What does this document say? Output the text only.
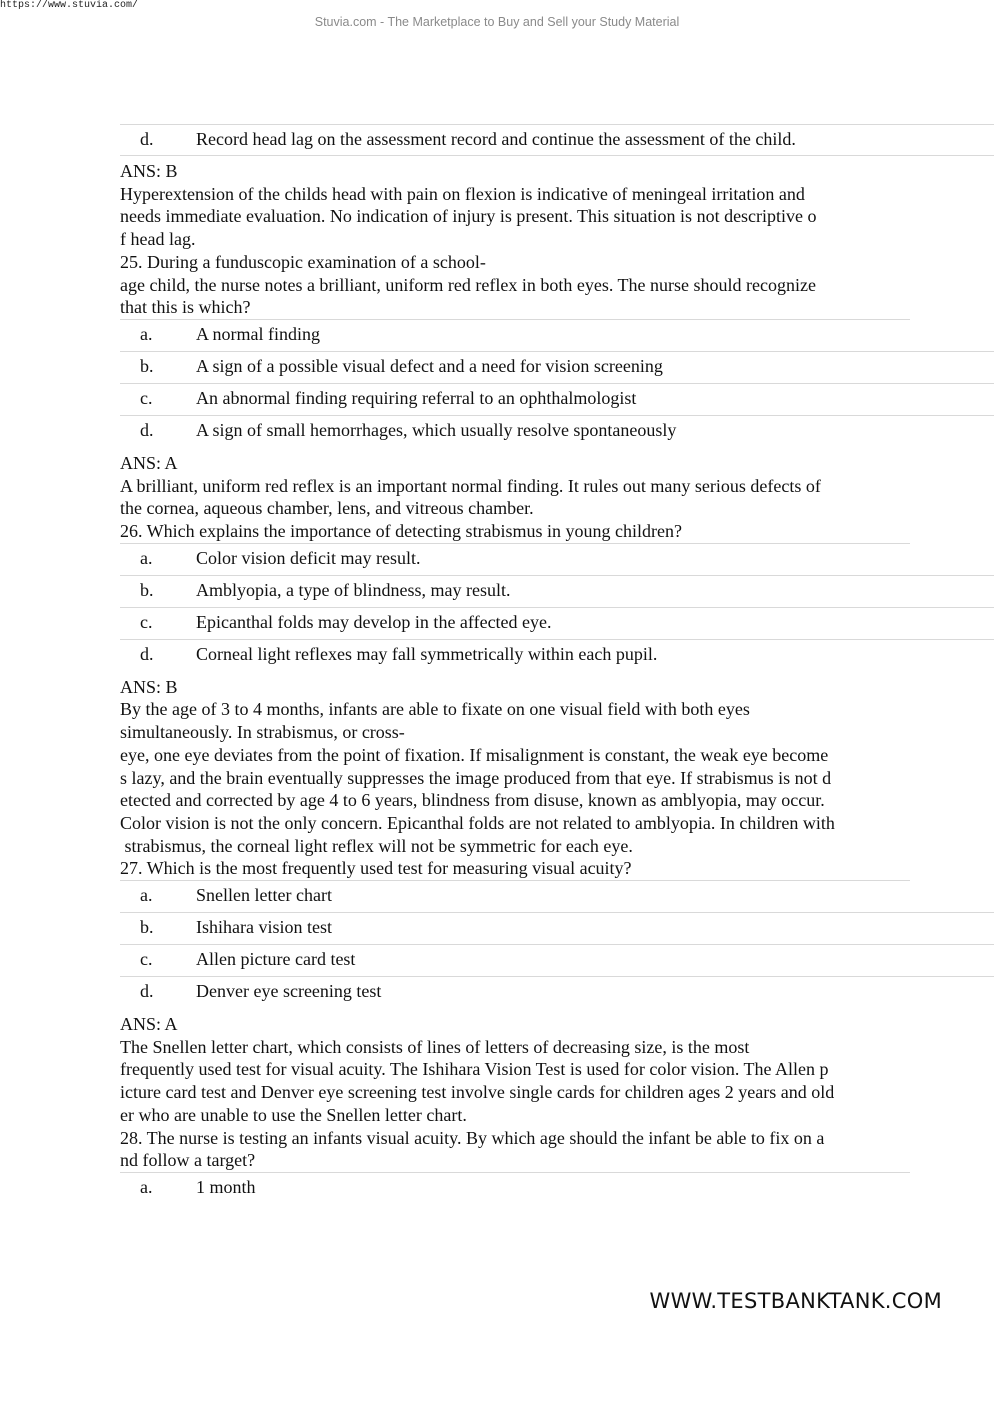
https://www.stuvia.com/
Stuvia.com - The Marketplace to Buy and Sell your Study Material
d. Record head lag on the assessment record and continue the assessment of the child.
ANS: B
Hyperextension of the childs head with pain on flexion is indicative of meningeal irritation and
needs immediate evaluation. No indication of injury is present. This situation is not descriptive o
f head lag.
25. During a funduscopic examination of a school-
age child, the nurse notes a brilliant, uniform red reflex in both eyes. The nurse should recognize
that this is which?
a. A normal finding
b. A sign of a possible visual defect and a need for vision screening
c. An abnormal finding requiring referral to an ophthalmologist
d. A sign of small hemorrhages, which usually resolve spontaneously
ANS: A
A brilliant, uniform red reflex is an important normal finding. It rules out many serious defects of
the cornea, aqueous chamber, lens, and vitreous chamber.
26. Which explains the importance of detecting strabismus in young children?
a. Color vision deficit may result.
b. Amblyopia, a type of blindness, may result.
c. Epicanthal folds may develop in the affected eye.
d. Corneal light reflexes may fall symmetrically within each pupil.
ANS: B
By the age of 3 to 4 months, infants are able to fixate on one visual field with both eyes
simultaneously. In strabismus, or cross-
eye, one eye deviates from the point of fixation. If misalignment is constant, the weak eye become
s lazy, and the brain eventually suppresses the image produced from that eye. If strabismus is not d
etected and corrected by age 4 to 6 years, blindness from disuse, known as amblyopia, may occur.
Color vision is not the only concern. Epicanthal folds are not related to amblyopia. In children with
strabismus, the corneal light reflex will not be symmetric for each eye.
27. Which is the most frequently used test for measuring visual acuity?
a. Snellen letter chart
b. Ishihara vision test
c. Allen picture card test
d. Denver eye screening test
ANS: A
The Snellen letter chart, which consists of lines of letters of decreasing size, is the most
frequently used test for visual acuity. The Ishihara Vision Test is used for color vision. The Allen p
icture card test and Denver eye screening test involve single cards for children ages 2 years and old
er who are unable to use the Snellen letter chart.
28. The nurse is testing an infants visual acuity. By which age should the infant be able to fix on a
nd follow a target?
a. 1 month
WWW.TESTBANKTANK.COM
